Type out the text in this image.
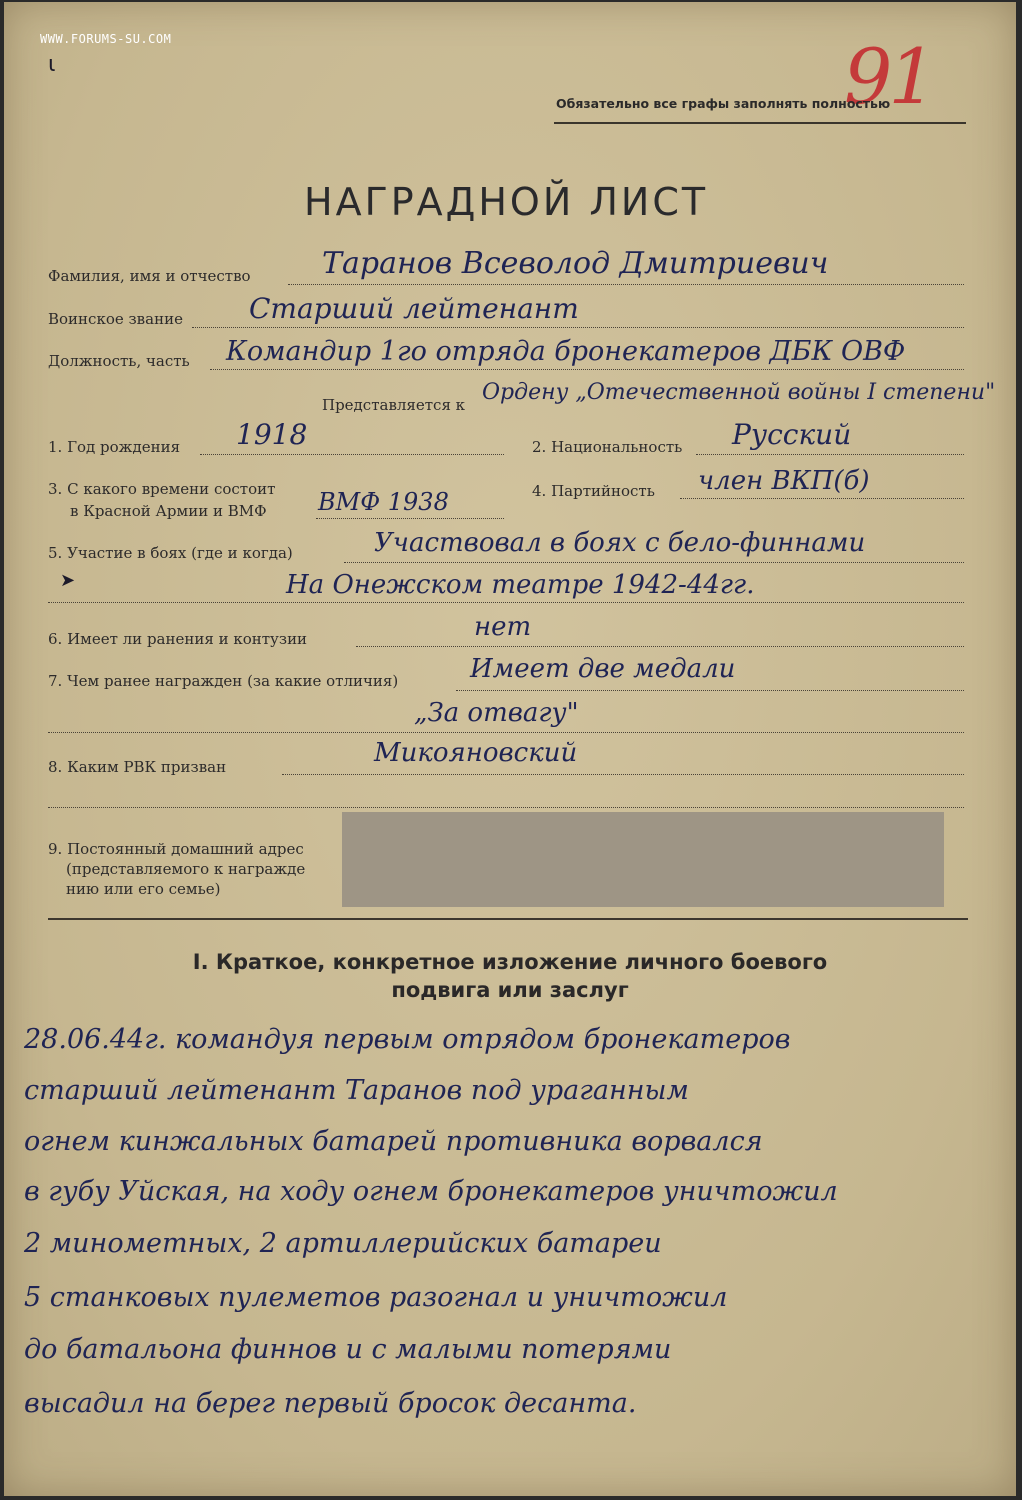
WWW.FORUMS-SU.COM
ɩ	91
Обязательно все графы заполнять полностью
НАГРАДНОЙ ЛИСТ
Фамилия, имя и отчество Таранов Всеволод Дмитриевич
Воинское звание Старший лейтенант
Должность, часть Командир 1го отряда бронекатеров ДБК ОВФ
Представляется к Ордену „Отечественной войны I степени"
1. Год рождения 1918	2. Национальность Русский
3. С какого времени состоит
в Красной Армии и ВМФ ВМФ 1938	4. Партийность член ВКП(б)
5. Участие в боях (где и когда)	Участвовал в боях с бело-финнами
➤	На Онежском театре 1942-44гг.
6. Имеет ли ранения и контузии	нет
7. Чем ранее награжден (за какие отличия)	Имеет две медали
„За отвагу"
8. Каким РВК призван	Микояновский
9. Постоянный домашний адрес
(представляемого к награжде
нию или его семье)
I. Краткое, конкретное изложение личного боевого
подвига или заслуг
28.06.44г. командуя первым отрядом бронекатеров
старший лейтенант Таранов под ураганным
огнем кинжальных батарей противника ворвался
в губу Уйская, на ходу огнем бронекатеров уничтожил
2 минометных, 2 артиллерийских батареи
5 станковых пулеметов разогнал и уничтожил
до батальона финнов и с малыми потерями
высадил на берег первый бросок десанта.
